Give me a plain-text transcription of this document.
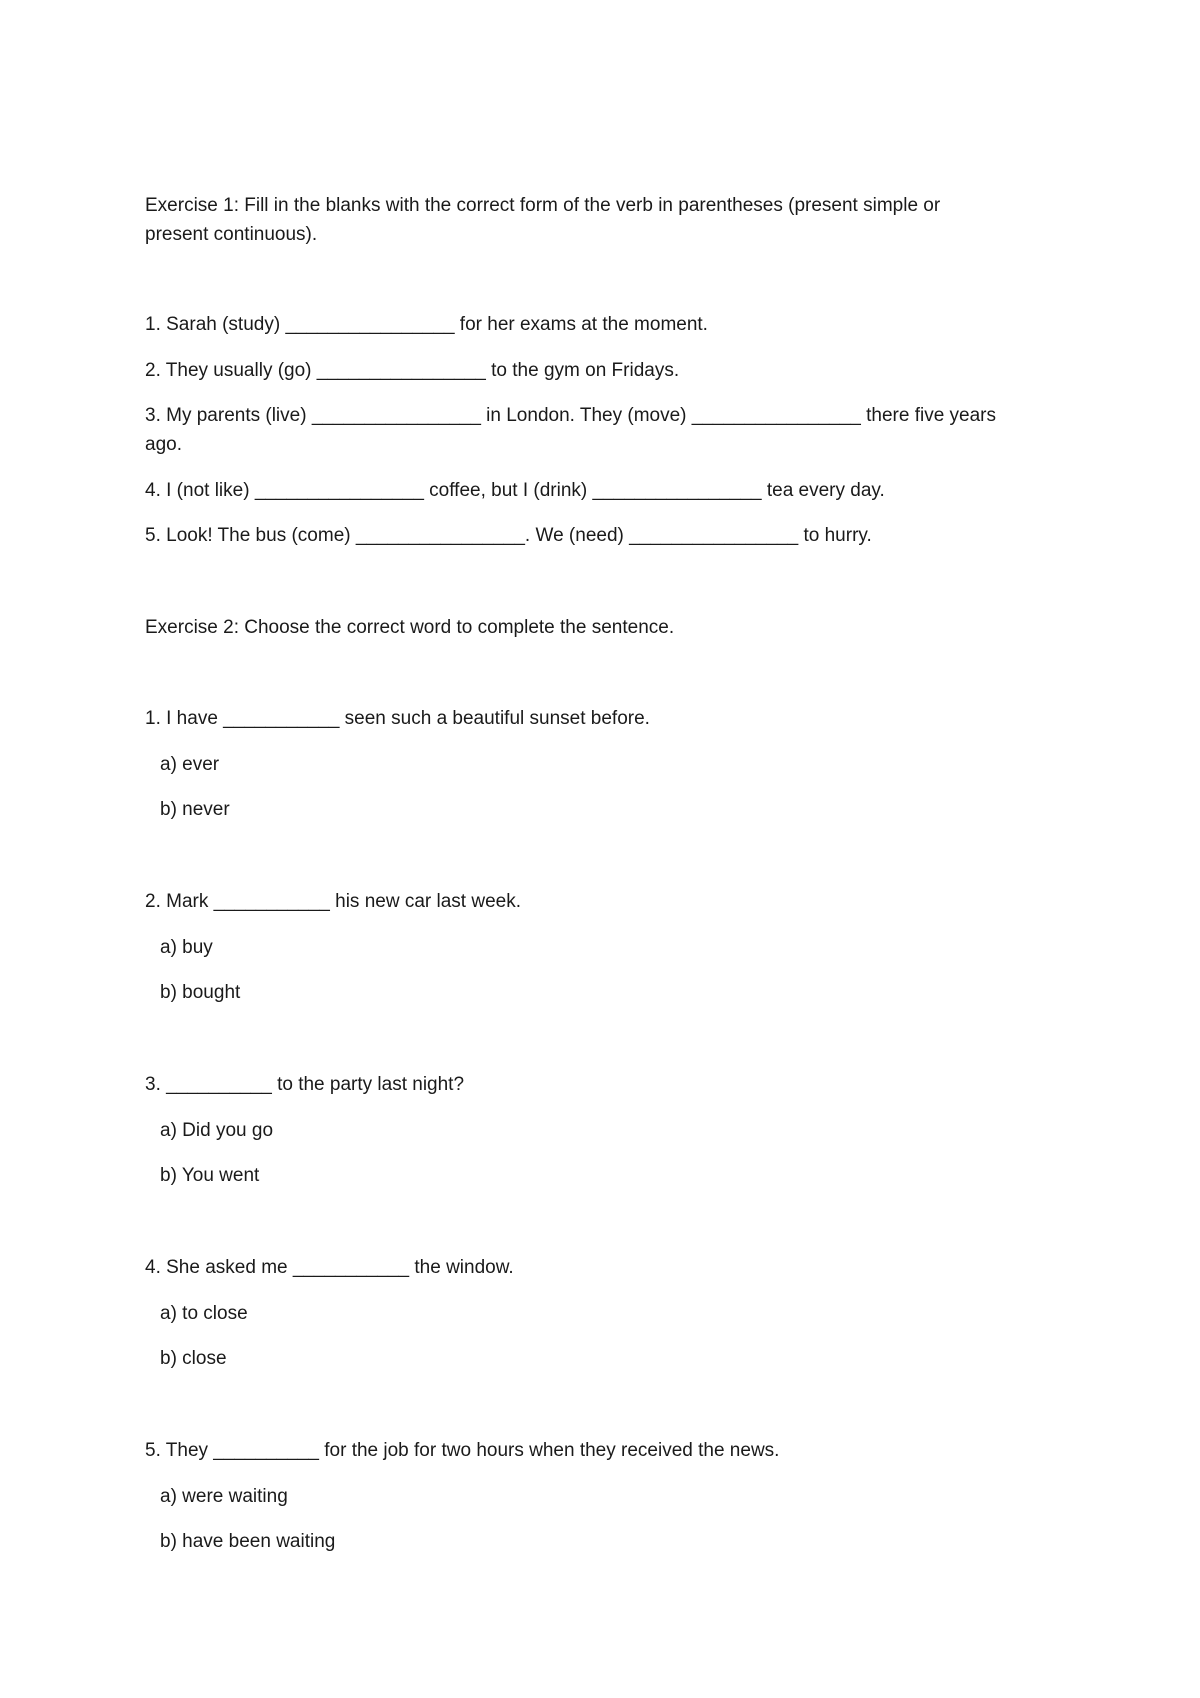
Exercise 1: Fill in the blanks with the correct form of the verb in parentheses (present simple or
present continuous).
1. Sarah (study) ________________ for her exams at the moment.
2. They usually (go) ________________ to the gym on Fridays.
3. My parents (live) ________________ in London. They (move) ________________ there five years
ago.
4. I (not like) ________________ coffee, but I (drink) ________________ tea every day.
5. Look! The bus (come) ________________. We (need) ________________ to hurry.
Exercise 2: Choose the correct word to complete the sentence.
1. I have ___________ seen such a beautiful sunset before.
a) ever
b) never
2. Mark ___________ his new car last week.
a) buy
b) bought
3. __________ to the party last night?
a) Did you go
b) You went
4. She asked me ___________ the window.
a) to close
b) close
5. They __________ for the job for two hours when they received the news.
a) were waiting
b) have been waiting
